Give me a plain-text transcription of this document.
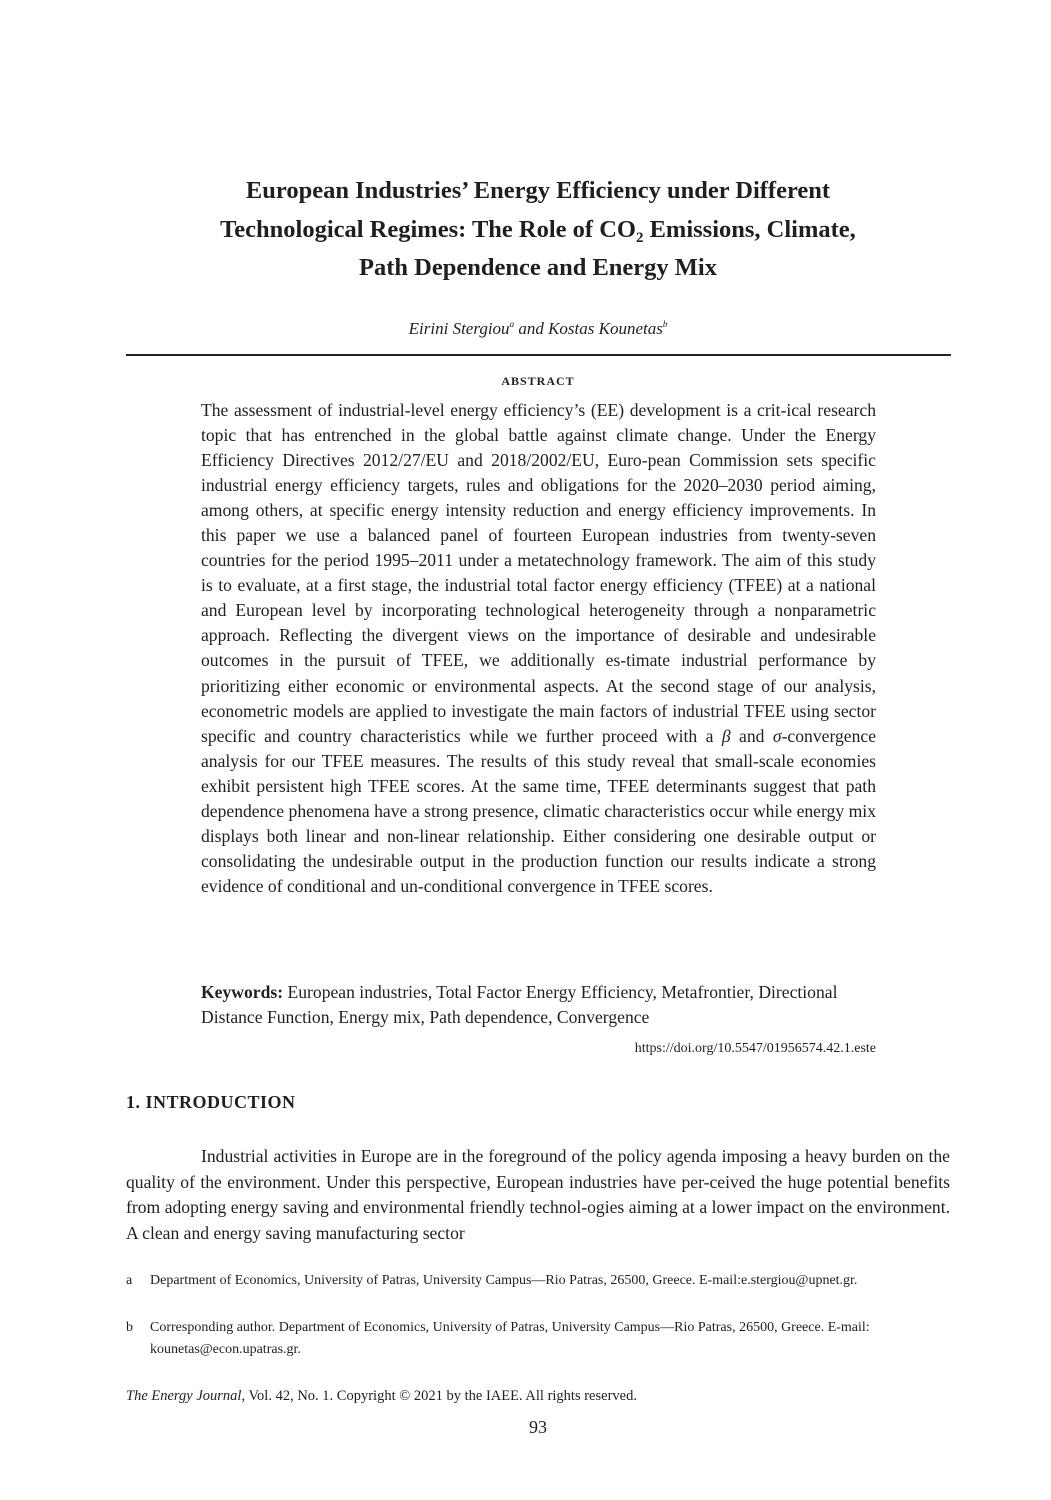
European Industries’ Energy Efficiency under Different
Technological Regimes: The Role of $CO_2$ Emissions, Climate,
Path Dependence and Energy Mix
Eirini Stergiou$^a$ and Kostas Kounetas$^b$
ABSTRACT

The assessment of industrial-level energy efficiency’s (EE) development is a crit-ical research topic that has entrenched in the global battle against climate change. Under the Energy Efficiency Directives 2012/27/EU and 2018/2002/EU, Euro-pean Commission sets specific industrial energy efficiency targets, rules and obligations for the 2020–2030 period aiming, among others, at specific energy intensity reduction and energy efficiency improvements. In this paper we use a balanced panel of fourteen European industries from twenty-seven countries for the period 1995–2011 under a metatechnology framework. The aim of this study is to evaluate, at a first stage, the industrial total factor energy efficiency (TFEE) at a national and European level by incorporating technological heterogeneity through a nonparametric approach. Reflecting the divergent views on the importance of desirable and undesirable outcomes in the pursuit of TFEE, we additionally es-timate industrial performance by prioritizing either economic or environmental aspects. At the second stage of our analysis, econometric models are applied to investigate the main factors of industrial TFEE using sector specific and country characteristics while we further proceed with a β and σ-convergence analysis for our TFEE measures. The results of this study reveal that small-scale economies exhibit persistent high TFEE scores. At the same time, TFEE determinants suggest that path dependence phenomena have a strong presence, climatic characteristics occur while energy mix displays both linear and non-linear relationship. Either considering one desirable output or consolidating the undesirable output in the production function our results indicate a strong evidence of conditional and un-conditional convergence in TFEE scores.

Keywords: European industries, Total Factor Energy Efficiency, Metafrontier, Directional Distance Function, Energy mix, Path dependence, Convergence

https://doi.org/10.5547/01956574.42.1.este
1. INTRODUCTION

Industrial activities in Europe are in the foreground of the policy agenda imposing a heavy burden on the quality of the environment. Under this perspective, European industries have per-ceived the huge potential benefits from adopting energy saving and environmental friendly technol-ogies aiming at a lower impact on the environment. A clean and energy saving manufacturing sector

a Department of Economics, University of Patras, University Campus—Rio Patras, 26500, Greece. E-mail:e.stergiou@upnet.gr.
b Corresponding author. Department of Economics, University of Patras, University Campus—Rio Patras, 26500, Greece. E-mail: kounetas@econ.upatras.gr.
The Energy Journal, Vol. 42, No. 1. Copyright © 2021 by the IAEE. All rights reserved.
93
